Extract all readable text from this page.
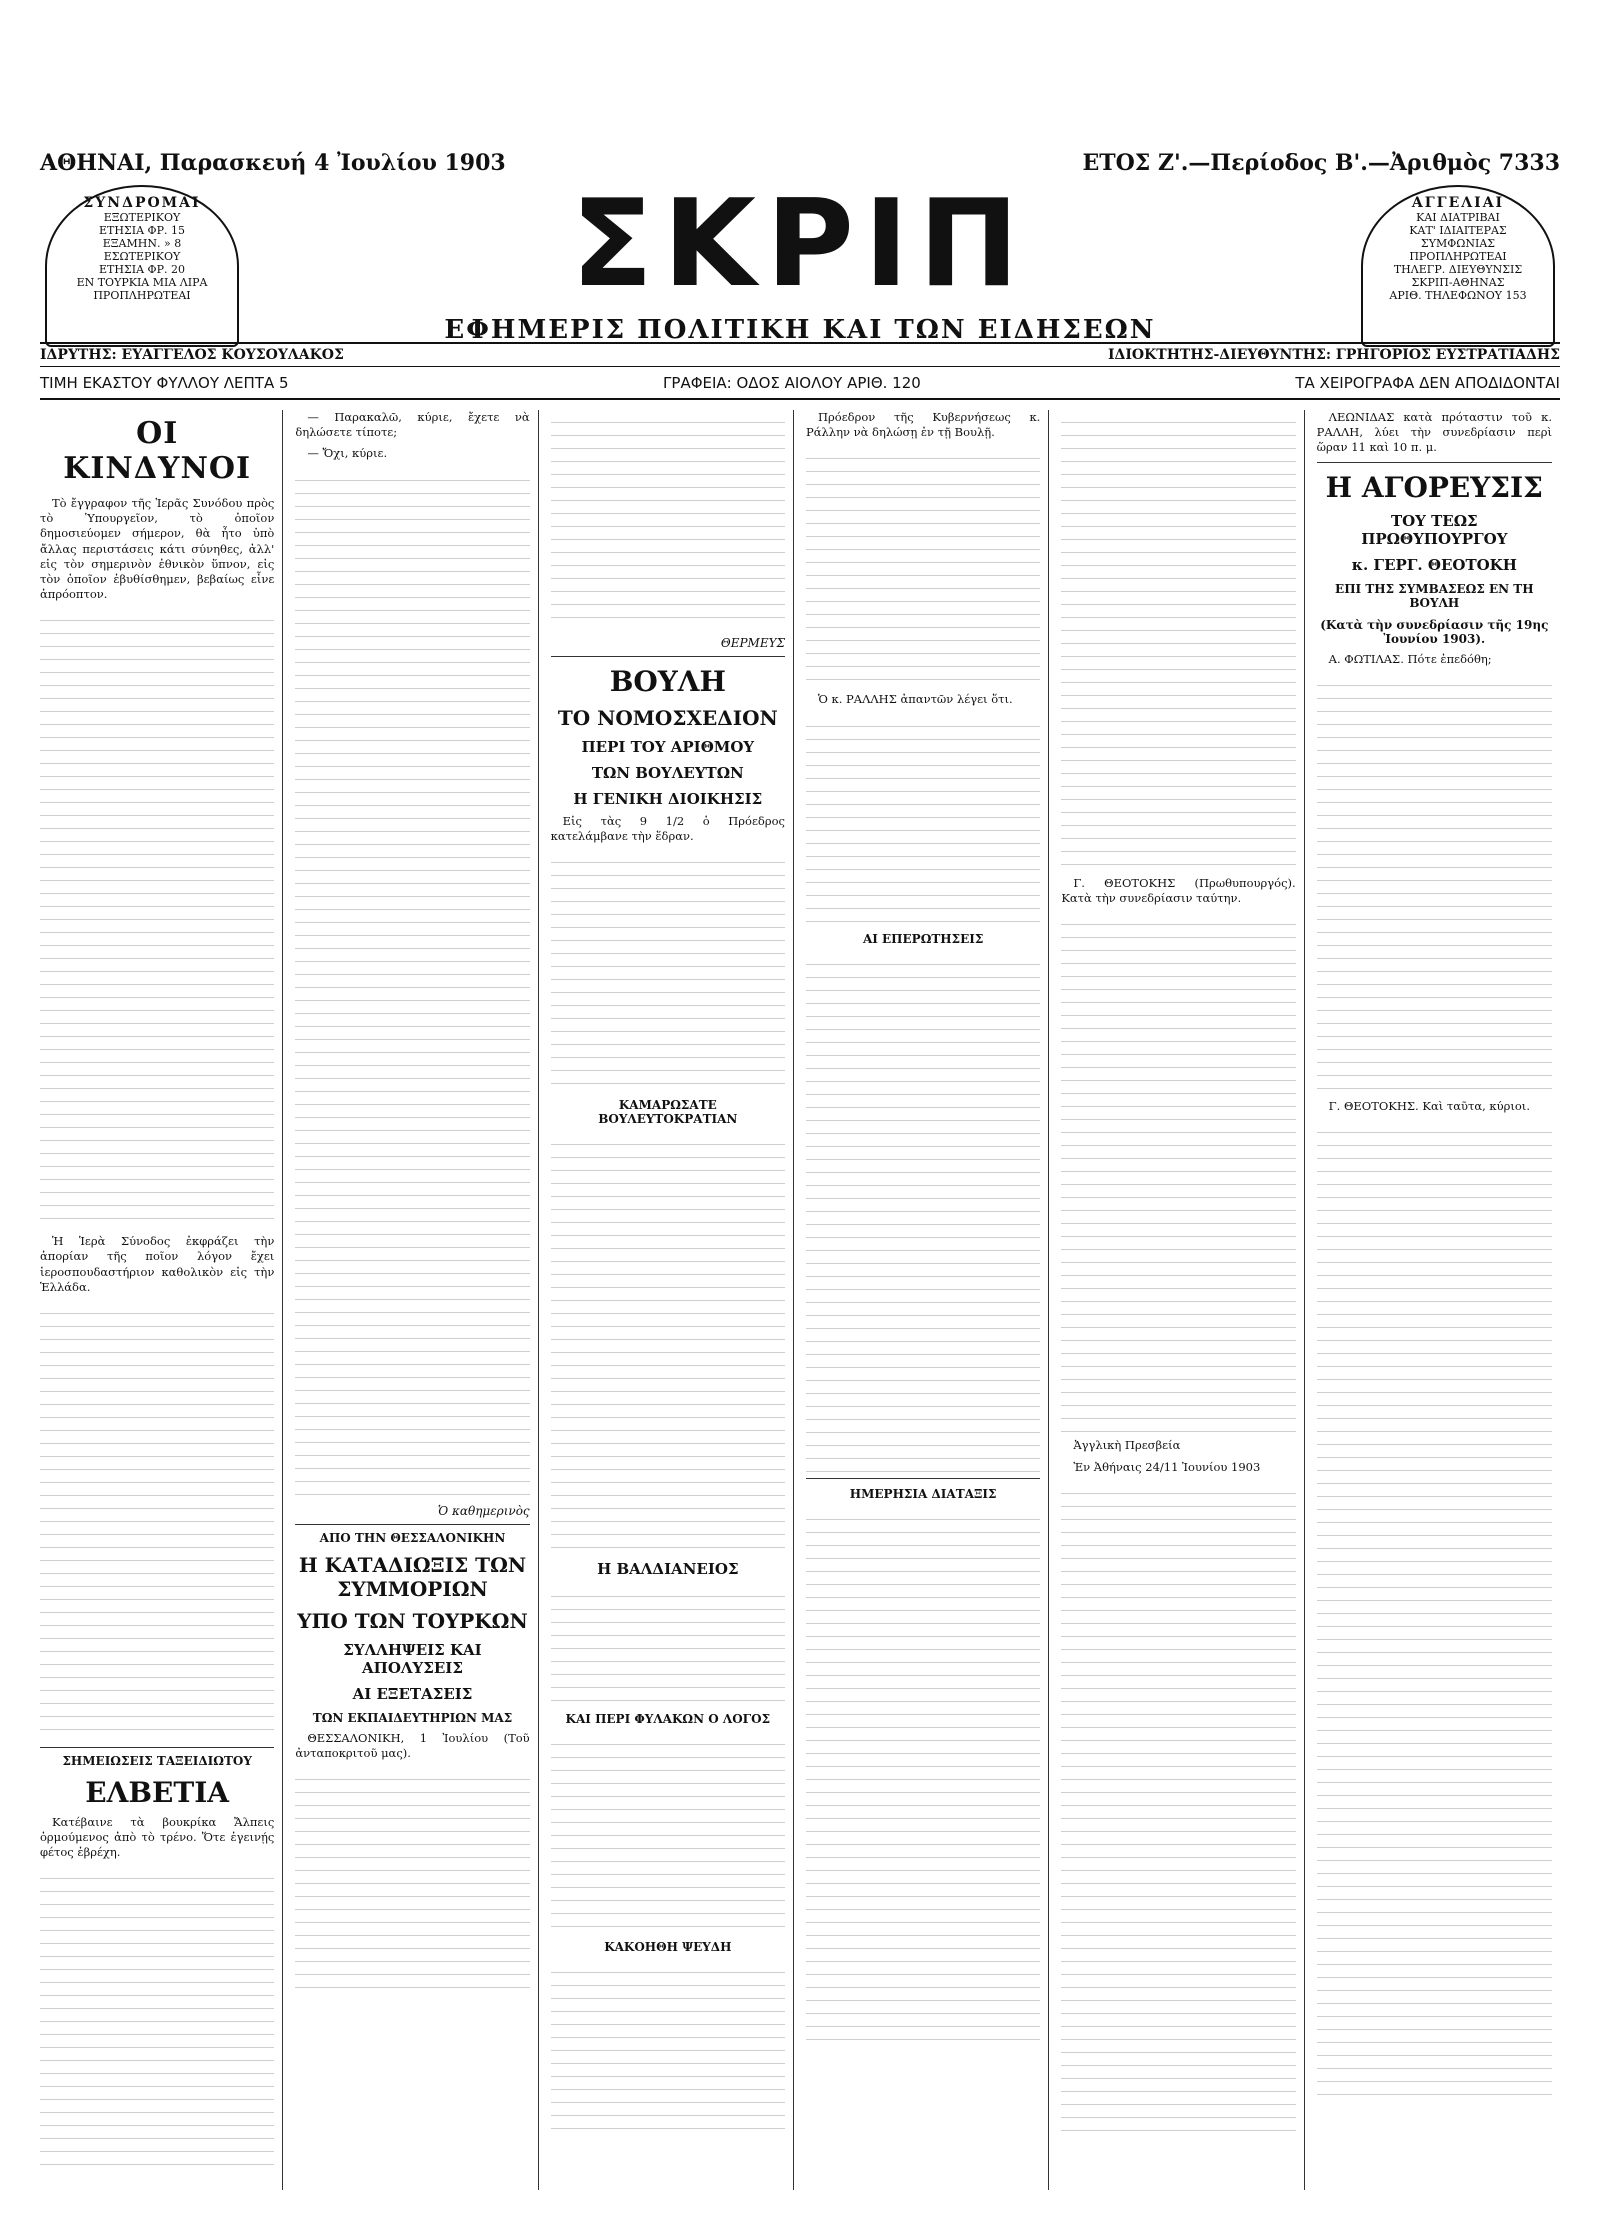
ΑΘΗΝΑΙ, Παρασκευή 4 Ἰουλίου 1903	ΕΤΟΣ Ζ'.—Περίοδος Β'.—Ἀριθμὸς 7333
ΣΥΝΔΡΟΜΑΙ
ΕΞΩΤΕΡΙΚΟΥ
ΕΤΗΣΙΑ ΦΡ. 15
ΕΞΑΜΗΝ. » 8
ΕΣΩΤΕΡΙΚΟΥ
ΕΤΗΣΙΑ ΦΡ. 20
ΕΝ ΤΟΥΡΚΙΑ ΜΙΑ ΛΙΡΑ
ΠΡΟΠΛΗΡΩΤΕΑΙ	ΣΚΡΙΠ
ΕΦΗΜΕΡΙΣ ΠΟΛΙΤΙΚΗ ΚΑΙ ΤΩΝ ΕΙΔΗΣΕΩΝ
ΑΓΓΕΛΙΑΙ
ΚΑΙ ΔΙΑΤΡΙΒΑΙ
ΚΑΤ' ΙΔΙΑΙΤΕΡΑΣ
ΣΥΜΦΩΝΙΑΣ
ΠΡΟΠΛΗΡΩΤΕΑΙ
ΤΗΛΕΓΡ. ΔΙΕΥΘΥΝΣΙΣ
ΣΚΡΙΠ-ΑΘΗΝΑΣ
ΑΡΙΘ. ΤΗΛΕΦΩΝΟΥ 153
ΙΔΡΥΤΗΣ: ΕΥΑΓΓΕΛΟΣ ΚΟΥΣΟΥΛΑΚΟΣ	ΙΔΙΟΚΤΗΤΗΣ-ΔΙΕΥΘΥΝΤΗΣ: ΓΡΗΓΟΡΙΟΣ ΕΥΣΤΡΑΤΙΑΔΗΣ
ΤΙΜΗ ΕΚΑΣΤΟΥ ΦΥΛΛΟΥ ΛΕΠΤΑ 5	ΓΡΑΦΕΙΑ: ΟΔΟΣ ΑΙΟΛΟΥ ΑΡΙΘ. 120	ΤΑ ΧΕΙΡΟΓΡΑΦΑ ΔΕΝ ΑΠΟΔΙΔΟΝΤΑΙ
ΟΙ ΚΙΝΔΥΝΟΙ

Τὸ ἔγγραφον τῆς Ἱερᾶς Συνόδου πρὸς τὸ Ὑπουργεῖον, τὸ ὁποῖον δημοσιεύομεν σήμερον, θὰ ἦτο ὑπὸ ἄλλας περιστάσεις κάτι σύνηθες, ἀλλ' εἰς τὸν σημερινὸν ἐθνικὸν ὕπνον, εἰς τὸν ὁποῖον ἐβυθίσθημεν, βεβαίως εἶνε ἀπρόοπτον.

Ἡ Ἱερὰ Σύνοδος ἐκφράζει τὴν ἀπορίαν τῆς ποῖον λόγον ἔχει ἱεροσπουδαστήριον καθολικὸν εἰς τὴν Ἑλλάδα.

ΣΗΜΕΙΩΣΕΙΣ ΤΑΞΕΙΔΙΩΤΟΥ
ΕΛΒΕΤΙΑ

Κατέβαινε τὰ βουκρίκα Ἄλπεις ὁρμούμενος ἀπὸ τὸ τρένο. Ὅτε ἐγεινῄς φέτος ἐβρέχη.

— Παρακαλῶ, κύριε, ἔχετε νὰ δηλώσετε τίποτε;

— Ὄχι, κύριε.

Ὁ καθημερινὸς
ΑΠΟ ΤΗΝ ΘΕΣΣΑΛΟΝΙΚΗΝ
Η ΚΑΤΑΔΙΩΞΙΣ ΤΩΝ ΣΥΜΜΟΡΙΩΝ
ΥΠΟ ΤΩΝ ΤΟΥΡΚΩΝ
ΣΥΛΛΗΨΕΙΣ ΚΑΙ ΑΠΟΛΥΣΕΙΣ
ΑΙ ΕΞΕΤΑΣΕΙΣ
ΤΩΝ ΕΚΠΑΙΔΕΥΤΗΡΙΩΝ ΜΑΣ

ΘΕΣΣΑΛΟΝΙΚΗ, 1 Ἰουλίου (Τοῦ ἀνταποκριτοῦ μας).

ΘΕΡΜΕΥΣ
ΒΟΥΛΗ
ΤΟ ΝΟΜΟΣΧΕΔΙΟΝ
ΠΕΡΙ ΤΟΥ ΑΡΙΘΜΟΥ
ΤΩΝ ΒΟΥΛΕΥΤΩΝ
Η ΓΕΝΙΚΗ ΔΙΟΙΚΗΣΙΣ

Εἰς τὰς 9 1/2 ὁ Πρόεδρος κατελάμβανε τὴν ἕδραν.

ΚΑΜΑΡΩΣΑΤΕ ΒΟΥΛΕΥΤΟΚΡΑΤΙΑΝ
Η ΒΑΛΔΙΑΝΕΙΟΣ
ΚΑΙ ΠΕΡΙ ΦΥΛΑΚΩΝ Ο ΛΟΓΟΣ
ΚΑΚΟΗΘΗ ΨΕΥΔΗ

Πρόεδρον τῆς Κυβερνήσεως κ. Ράλλην νὰ δηλώσῃ ἐν τῇ Βουλῇ.

Ὁ κ. ΡΑΛΛΗΣ ἀπαντῶν λέγει ὅτι.

ΑΙ ΕΠΕΡΩΤΗΣΕΙΣ
ΗΜΕΡΗΣΙΑ ΔΙΑΤΑΞΙΣ

Γ. ΘΕΟΤΟΚΗΣ (Πρωθυπουργός). Κατὰ τὴν συνεδρίασιν ταύτην.

Ἀγγλικὴ Πρεσβεία

Ἐν Ἀθήναις 24/11 Ἰουνίου 1903

ΛΕΩΝΙΔΑΣ κατὰ πρόταστιν τοῦ κ. ΡΑΛΛΗ, λύει τὴν συνεδρίασιν περὶ ὥραν 11 καὶ 10 π. μ.

Η ΑΓΟΡΕΥΣΙΣ
ΤΟΥ ΤΕΩΣ ΠΡΩΘΥΠΟΥΡΓΟΥ
κ. ΓΕΡΓ. ΘΕΟΤΟΚΗ
ΕΠΙ ΤΗΣ ΣΥΜΒΑΣΕΩΣ ΕΝ ΤΗ ΒΟΥΛΗ
(Κατὰ τὴν συνεδρίασιν τῆς 19ης Ἰουνίου 1903).

Α. ΦΩΤΙΛΑΣ. Πότε ἐπεδόθη;

Γ. ΘΕΟΤΟΚΗΣ. Καὶ ταῦτα, κύριοι.
